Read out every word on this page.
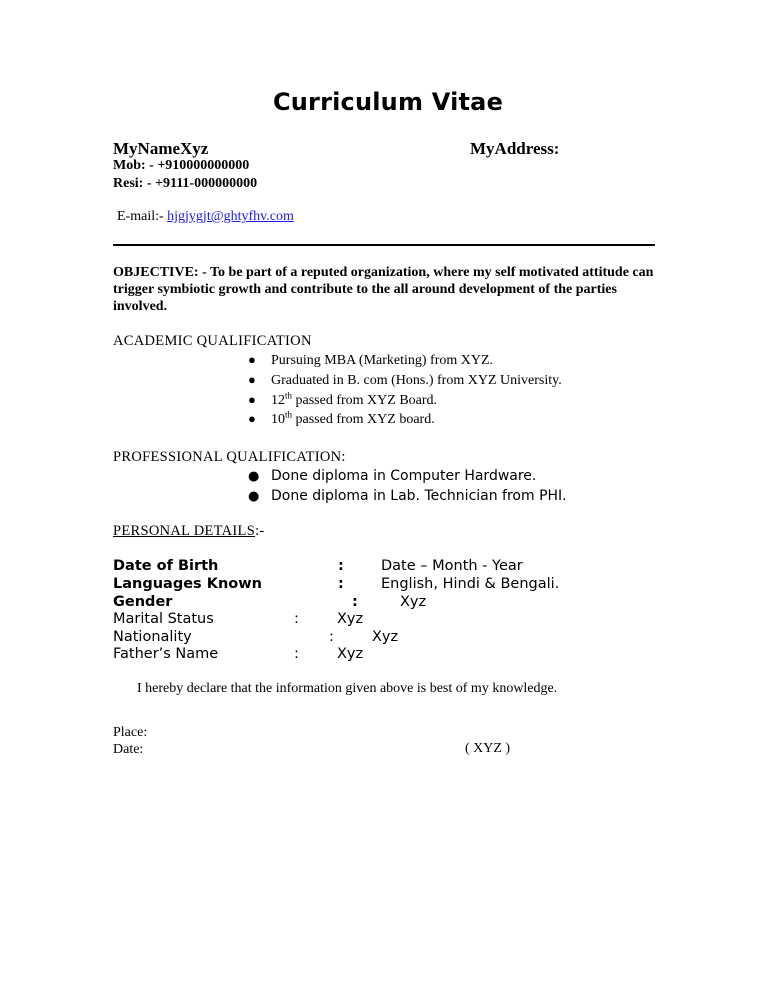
Curriculum Vitae
MyNameXyz	MyAddress:
Mob: - +910000000000
Resi: - +9111-000000000
E-mail:- hjgjygjt@ghtyfhv.com
OBJECTIVE: - To be part of a reputed organization, where my self motivated attitude can trigger symbiotic growth and contribute to the all around development of the parties involved.
ACADEMIC QUALIFICATION
● Pursuing MBA (Marketing) from XYZ.
● Graduated in B. com (Hons.) from XYZ University.
● 12th passed from XYZ Board.
● 10th passed from XYZ board.
PROFESSIONAL QUALIFICATION:
● Done diploma in Computer Hardware.
● Done diploma in Lab. Technician from PHI.
PERSONAL DETAILS:-
Date of Birth	:	Date – Month - Year
Languages Known	:	English, Hindi & Bengali.
Gender	:	Xyz
Marital Status	:	Xyz
Nationality	:	Xyz
Father’s Name	:	Xyz
I hereby declare that the information given above is best of my knowledge.
Place:
Date:	( XYZ )
